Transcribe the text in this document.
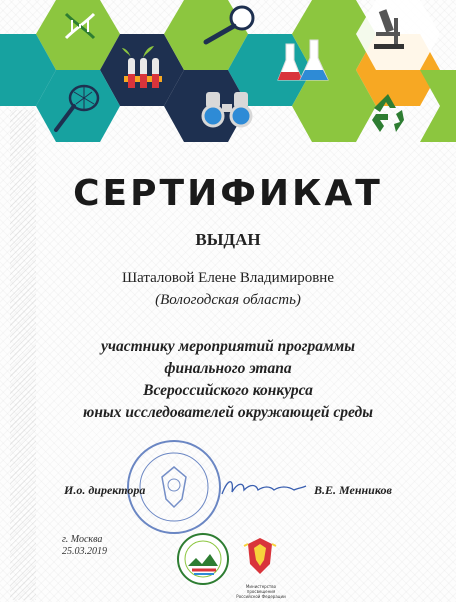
СЕРТИФИКАТ
ВЫДАН
Шаталовой Елене Владимировне
(Вологодская область)
участнику мероприятий программы
финального этапа
Всероссийского конкурса
юных исследователей окружающей среды
И.о. директора	В.Е. Менников
г. Москва
25.03.2019
Министерство просвещения Российской Федерации
